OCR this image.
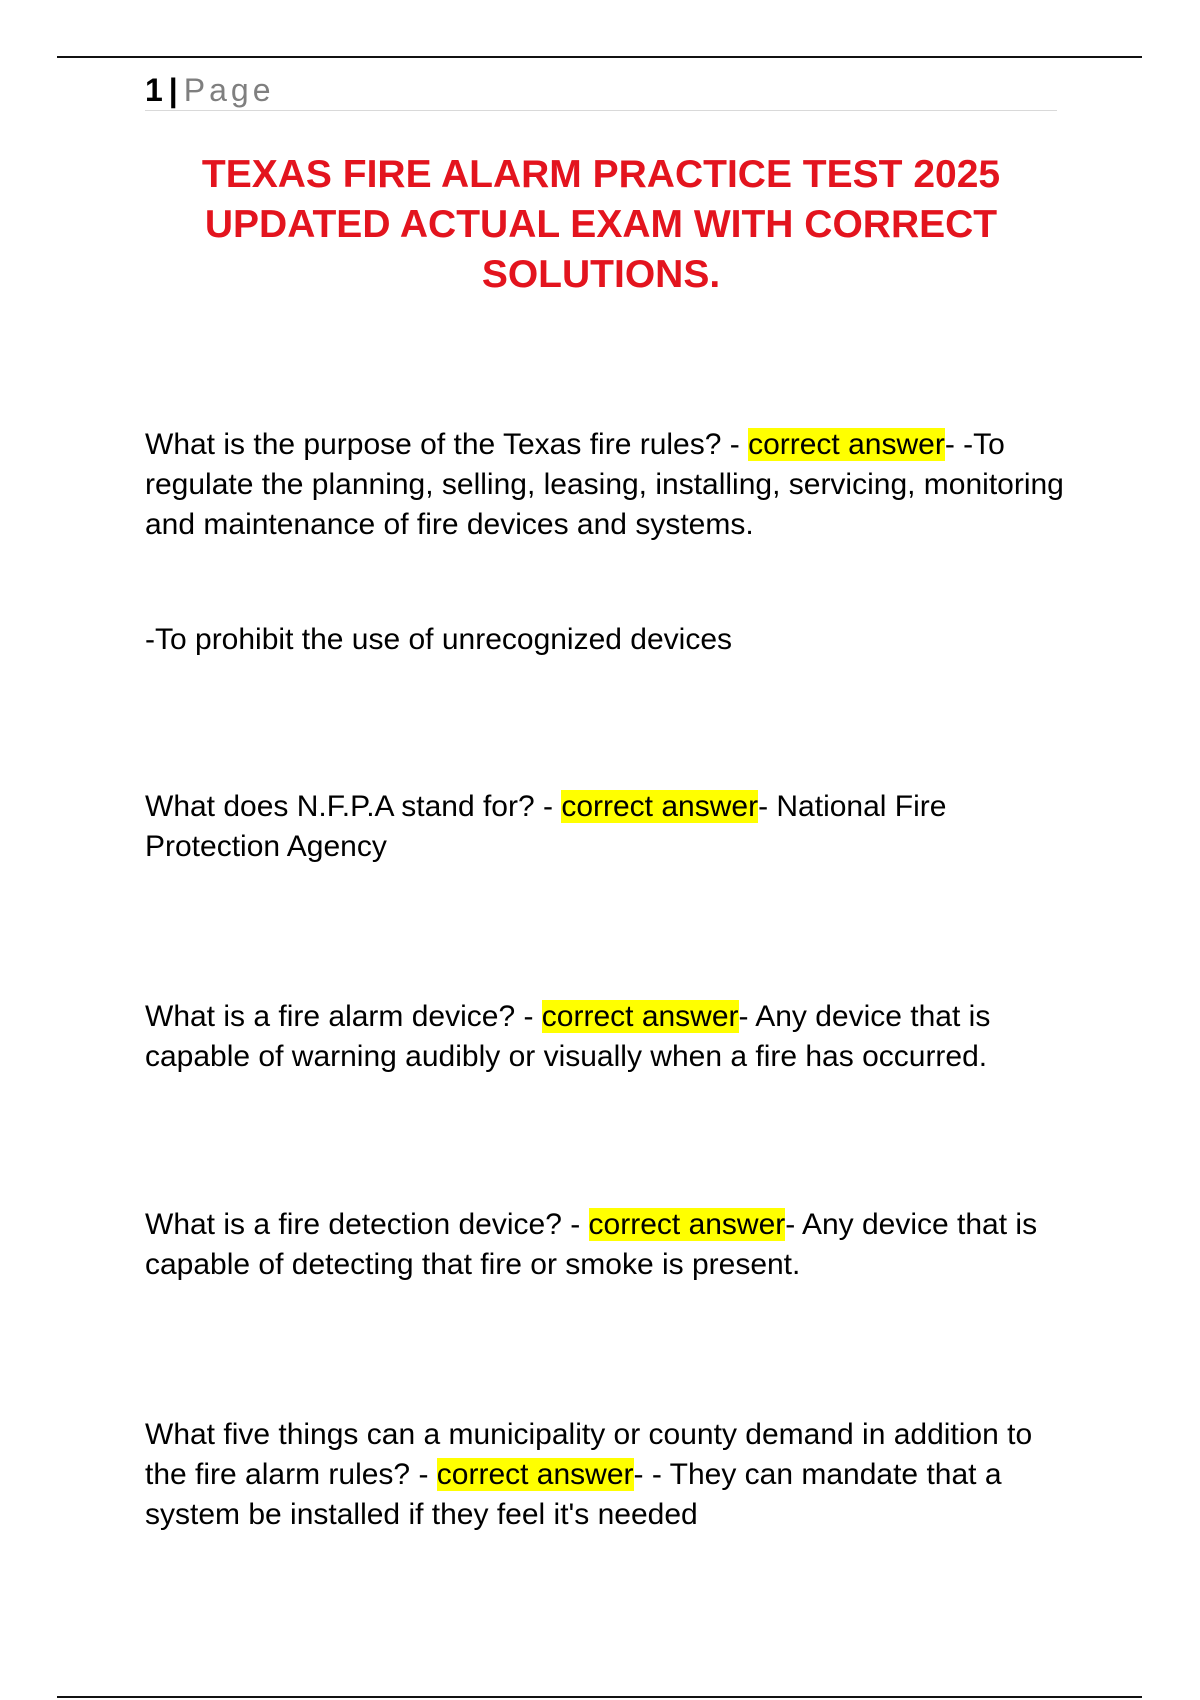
1 | Page
TEXAS FIRE ALARM PRACTICE TEST 2025 UPDATED ACTUAL EXAM WITH CORRECT SOLUTIONS.

What is the purpose of the Texas fire rules? - correct answer- -To regulate the planning, selling, leasing, installing, servicing, monitoring and maintenance of fire devices and systems.

-To prohibit the use of unrecognized devices

What does N.F.P.A stand for? - correct answer- National Fire Protection Agency

What is a fire alarm device? - correct answer- Any device that is capable of warning audibly or visually when a fire has occurred.

What is a fire detection device? - correct answer- Any device that is capable of detecting that fire or smoke is present.

What five things can a municipality or county demand in addition to the fire alarm rules? - correct answer- - They can mandate that a system be installed if they feel it's needed
